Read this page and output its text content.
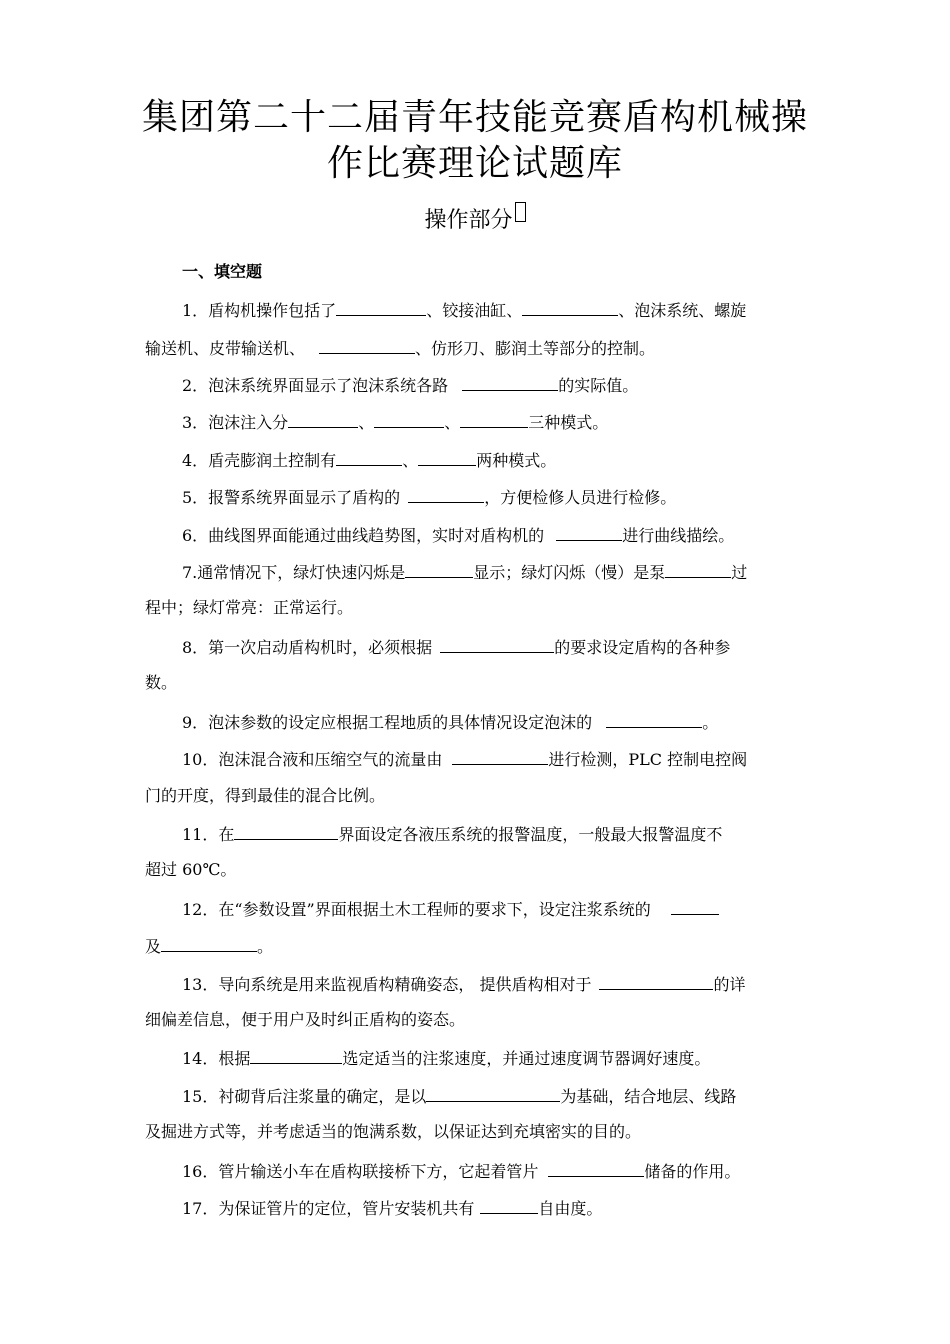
集团第二十二届青年技能竞赛盾构机械操
作比赛理论试题库
操作部分
一、填空题
1．盾构机操作包括了	、铰接油缸、	、泡沫系统、螺旋
输送机、皮带输送机、	、仿形刀、膨润土等部分的控制。
2．泡沫系统界面显示了泡沫系统各路	的实际值。
3．泡沫注入分	、	、	三种模式。
4．盾壳膨润土控制有	、	两种模式。
5．报警系统界面显示了盾构的	，方便检修人员进行检修。
6．曲线图界面能通过曲线趋势图，实时对盾构机的	进行曲线描绘。
7.通常情况下，绿灯快速闪烁是	显示；绿灯闪烁（慢）是泵	过
程中；绿灯常亮：正常运行。
8．第一次启动盾构机时，必须根据	的要求设定盾构的各种参
数。
9．泡沫参数的设定应根据工程地质的具体情况设定泡沫的	。
10．泡沫混合液和压缩空气的流量由	进行检测，PLC 控制电控阀
门的开度，得到最佳的混合比例。
11．在	界面设定各液压系统的报警温度，一般最大报警温度不
超过 60℃。
12．在“参数设置”界面根据土木工程师的要求下，设定注浆系统的
及	。
13．导向系统是用来监视盾构精确姿态， 提供盾构相对于	的详
细偏差信息，便于用户及时纠正盾构的姿态。
14．根据	选定适当的注浆速度，并通过速度调节器调好速度。
15．衬砌背后注浆量的确定，是以	为基础，结合地层、线路
及掘进方式等，并考虑适当的饱满系数，以保证达到充填密实的目的。
16．管片输送小车在盾构联接桥下方，它起着管片	储备的作用。
17．为保证管片的定位，管片安装机共有	自由度。
